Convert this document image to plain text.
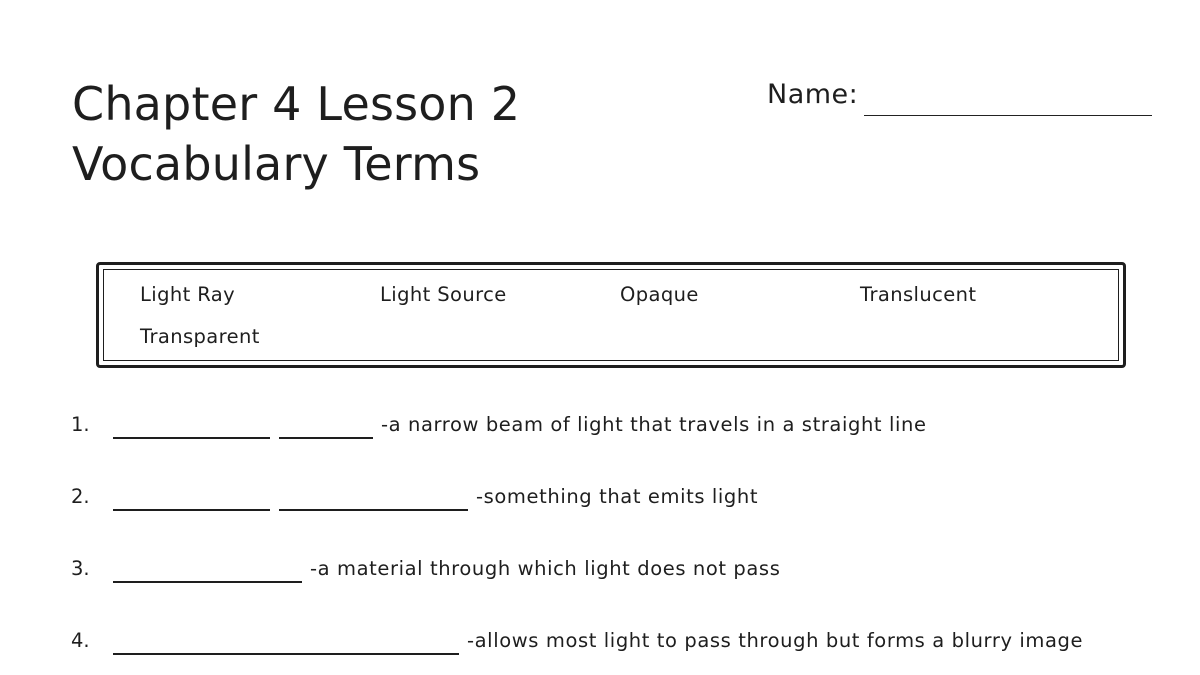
Chapter 4 Lesson 2
Vocabulary Terms
Name:
Light Ray	Light Source	Opaque	Translucent
Transparent
1.	-a narrow beam of light that travels in a straight line
2.	-something that emits light
3.	-a material through which light does not pass
4.	-allows most light to pass through but forms a blurry image
